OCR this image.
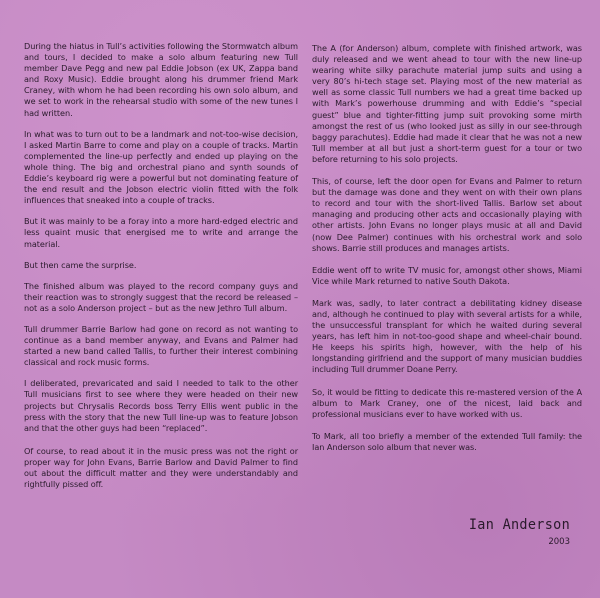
During the hiatus in Tull’s activities following the Stormwatch album and tours, I decided to make a solo album featuring new Tull member Dave Pegg and new pal Eddie Jobson (ex UK, Zappa band and Roxy Music). Eddie brought along his drummer friend Mark Craney, with whom he had been recording his own solo album, and we set to work in the rehearsal studio with some of the new tunes I had written.

In what was to turn out to be a landmark and not-too-wise decision, I asked Martin Barre to come and play on a couple of tracks. Martin complemented the line-up perfectly and ended up playing on the whole thing. The big and orchestral piano and synth sounds of Eddie’s keyboard rig were a powerful but not dominating feature of the end result and the Jobson electric violin fitted with the folk influences that sneaked into a couple of tracks.

But it was mainly to be a foray into a more hard-edged electric and less quaint music that energised me to write and arrange the material.

But then came the surprise.

The finished album was played to the record company guys and their reaction was to strongly suggest that the record be released – not as a solo Anderson project – but as the new Jethro Tull album.

Tull drummer Barrie Barlow had gone on record as not wanting to continue as a band member anyway, and Evans and Palmer had started a new band called Tallis, to further their interest combining classical and rock music forms.

I deliberated, prevaricated and said I needed to talk to the other Tull musicians first to see where they were headed on their new projects but Chrysalis Records boss Terry Ellis went public in the press with the story that the new Tull line-up was to feature Jobson and that the other guys had been “replaced”.

Of course, to read about it in the music press was not the right or proper way for John Evans, Barrie Barlow and David Palmer to find out about the difficult matter and they were understandably and rightfully pissed off.

The A (for Anderson) album, complete with finished artwork, was duly released and we went ahead to tour with the new line-up wearing white silky parachute material jump suits and using a very 80’s hi-tech stage set. Playing most of the new material as well as some classic Tull numbers we had a great time backed up with Mark’s powerhouse drumming and with Eddie’s “special guest” blue and tighter-fitting jump suit provoking some mirth amongst the rest of us (who looked just as silly in our see-through baggy parachutes). Eddie had made it clear that he was not a new Tull member at all but just a short-term guest for a tour or two before returning to his solo projects.

This, of course, left the door open for Evans and Palmer to return but the damage was done and they went on with their own plans to record and tour with the short-lived Tallis. Barlow set about managing and producing other acts and occasionally playing with other artists. John Evans no longer plays music at all and David (now Dee Palmer) continues with his orchestral work and solo shows. Barrie still produces and manages artists.

Eddie went off to write TV music for, amongst other shows, Miami Vice while Mark returned to native South Dakota.

Mark was, sadly, to later contract a debilitating kidney disease and, although he continued to play with several artists for a while, the unsuccessful transplant for which he waited during several years, has left him in not-too-good shape and wheel-chair bound. He keeps his spirits high, however, with the help of his longstanding girlfriend and the support of many musician buddies including Tull drummer Doane Perry.

So, it would be fitting to dedicate this re-mastered version of the A album to Mark Craney, one of the nicest, laid back and professional musicians ever to have worked with us.

To Mark, all too briefly a member of the extended Tull family: the Ian Anderson solo album that never was.

Ian Anderson
2003
